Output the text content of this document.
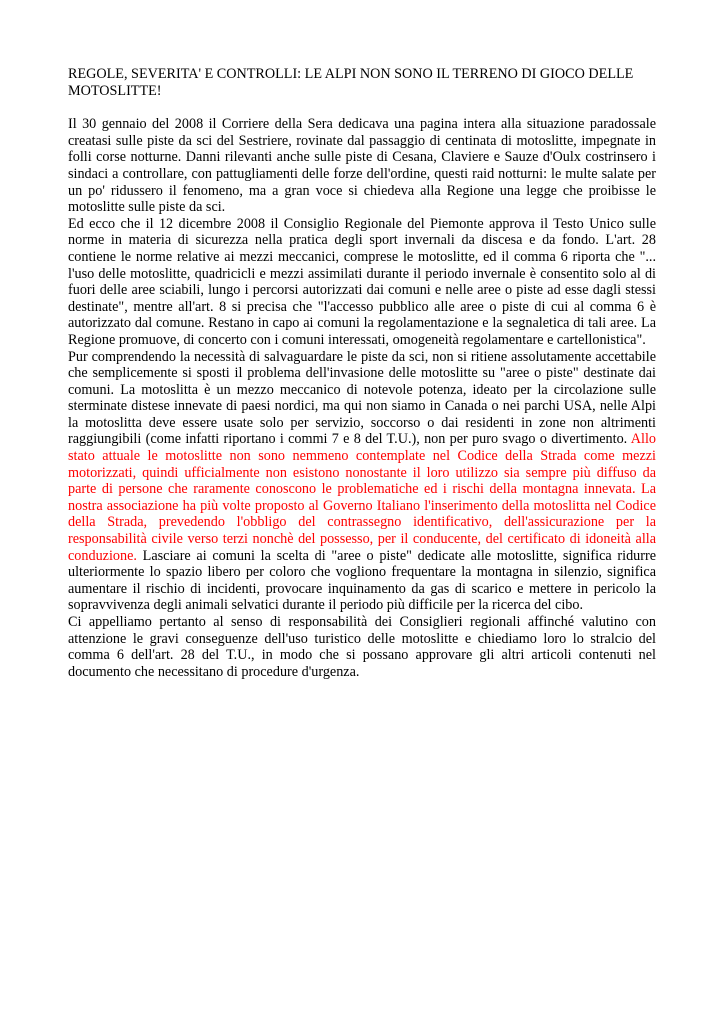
REGOLE, SEVERITA' E CONTROLLI: LE ALPI NON SONO IL TERRENO DI GIOCO DELLE MOTOSLITTE!

Il 30 gennaio del 2008 il Corriere della Sera dedicava una pagina intera alla situazione paradossale creatasi sulle piste da sci del Sestriere, rovinate dal passaggio di centinata di motoslitte, impegnate in folli corse notturne. Danni rilevanti anche sulle piste di Cesana, Claviere e Sauze d'Oulx costrinsero i sindaci a controllare, con pattugliamenti delle forze dell'ordine, questi raid notturni: le multe salate per un po' ridussero il fenomeno, ma a gran voce si chiedeva alla Regione una legge che proibisse le motoslitte sulle piste da sci.

Ed ecco che il 12 dicembre 2008 il Consiglio Regionale del Piemonte approva il Testo Unico sulle norme in materia di sicurezza nella pratica degli sport invernali da discesa e da fondo. L'art. 28 contiene le norme relative ai mezzi meccanici, comprese le motoslitte, ed il comma 6 riporta che "... l'uso delle motoslitte, quadricicli e mezzi assimilati durante il periodo invernale è consentito solo al di fuori delle aree sciabili, lungo i percorsi autorizzati dai comuni e nelle aree o piste ad esse dagli stessi destinate", mentre all'art. 8 si precisa che "l'accesso pubblico alle aree o piste di cui al comma 6 è autorizzato dal comune. Restano in capo ai comuni la regolamentazione e la segnaletica di tali aree. La Regione promuove, di concerto con i comuni interessati, omogeneità regolamentare e cartellonistica".

Pur comprendendo la necessità di salvaguardare le piste da sci, non si ritiene assolutamente accettabile che semplicemente si sposti il problema dell'invasione delle motoslitte su "aree o piste" destinate dai comuni. La motoslitta è un mezzo meccanico di notevole potenza, ideato per la circolazione sulle sterminate distese innevate di paesi nordici, ma qui non siamo in Canada o nei parchi USA, nelle Alpi la motoslitta deve essere usate solo per servizio, soccorso o dai residenti in zone non altrimenti raggiungibili (come infatti riportano i commi 7 e 8 del T.U.), non per puro svago o divertimento. Allo stato attuale le motoslitte non sono nemmeno contemplate nel Codice della Strada come mezzi motorizzati, quindi ufficialmente non esistono nonostante il loro utilizzo sia sempre più diffuso da parte di persone che raramente conoscono le problematiche ed i rischi della montagna innevata. La nostra associazione ha più volte proposto al Governo Italiano l'inserimento della motoslitta nel Codice della Strada, prevedendo l'obbligo del contrassegno identificativo, dell'assicurazione per la responsabilità civile verso terzi nonchè del possesso, per il conducente, del certificato di idoneità alla conduzione. Lasciare ai comuni la scelta di "aree o piste" dedicate alle motoslitte, significa ridurre ulteriormente lo spazio libero per coloro che vogliono frequentare la montagna in silenzio, significa aumentare il rischio di incidenti, provocare inquinamento da gas di scarico e mettere in pericolo la sopravvivenza degli animali selvatici durante il periodo più difficile per la ricerca del cibo.

Ci appelliamo pertanto al senso di responsabilità dei Consiglieri regionali affinché valutino con attenzione le gravi conseguenze dell'uso turistico delle motoslitte e chiediamo loro lo stralcio del comma 6 dell'art. 28 del T.U., in modo che si possano approvare gli altri articoli contenuti nel documento che necessitano di procedure d'urgenza.
